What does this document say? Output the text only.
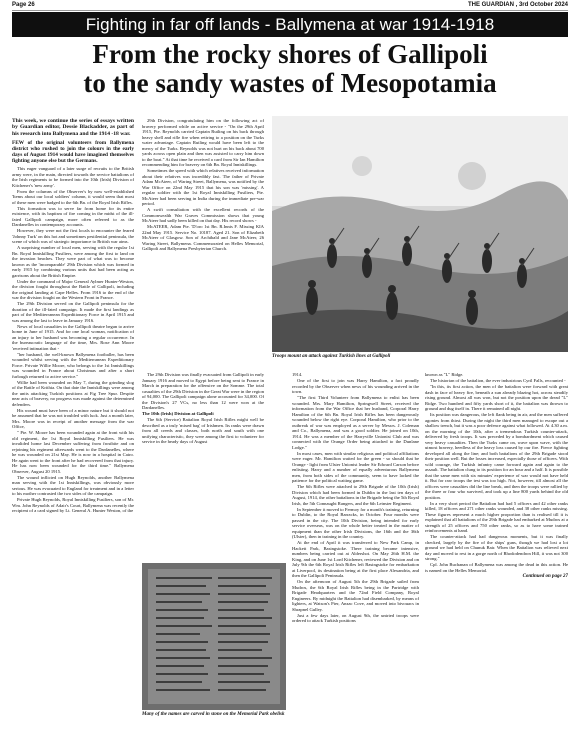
Page 26	THE GUARDIAN , 3rd October 2024
Fighting in far off lands - Ballymena at war 1914-1918
From the rocky shores of Gallipoli
to the sandy wastes of Mesopotamia

This week, we continue the series of essays written by Guardian editor, Dessie Blackadder, as part of his research into Ballymena and the 1914 -18 war.

FEW of the original volunteers from Ballymena district who rushed to join the colours in the early days of August 1914 would have imagined themselves fighting anyone else but the Germans.

This eager vanguard of a later surge of recruits to the British army were, in the main, directed towards the service battalions of the Irish regiments to be formed into the 10th (Irish) Division of Kitchener's 'new army'.

From the columns of the Observer's by now well-established 'Items about our local soldiers' column, it would seem that most of these men were badged to the 6th Bn. of the Royal Irish Rifles.

This formation was to serve far from home for its entire existence, with its baptism of fire coming in the midst of the ill-fated Gallipoli campaign, more often referred to as the Dardanelles in contemporary accounts.

However, they were not the first locals to encounter the feared 'Johnny Turk' on this hot and sometimes pestilential peninsula, the scene of which was of strategic importance to British war aims.

A surprising number of local men, serving with the regular 1st Bn. Royal Inniskilling Fusiliers, were among the first to land on the invasion beaches. They were part of what was to become known as the 'incomparable' 29th Division which was formed in early 1915 by combining various units that had been acting as garrisons about the British Empire.

Under the command of Major General Aylmer Hunter-Weston, the division fought throughout the Battle of Gallipoli, including the original landing at Cape Helles. From 1916 to the end of the war the division fought on the Western Front in France.

The 29th Division served on the Gallipoli peninsula for the duration of the ill-fated campaign. It made the first landings as part of the Mediterranean Expeditionary Force in April 1915 and was among the last to leave in January 1916.

News of local casualties in the Gallipoli theatre began to arrive home in June of 1915. And for one local woman, notification of an injury to her husband was becoming a regular occurrence. In the bureaucratic language of the time, Mrs. Rose Ann Moore 'received intimation that -

"her husband, the well-known Ballymena footballer, has been wounded whilst serving with the Mediterranean Expeditionary Force. Private Willie Moore, who belongs to the 1st Inniskillings was wounded in France about Christmas and after a short furlough returned to active service."

Willie had been wounded on May 7, during the grinding slog of the Battle of Krithia. On that date the Inniskillings were among the units attacking Turkish positions at Fig Tree Spur. Despite near acts of bravery, no progress was made against the determined defenders.

His wound must have been of a minor nature but it should not be assumed that he was not troubled with luck. Just a month later, Mrs. Moore was in receipt of another message from the war Office,

" Pte. W. Moore has been wounded again at the front with his old regiment, the 1st Royal Inniskilling Fusiliers. He was invalided home last December suffering from frostbite and on rejoining his regiment afterwards went to the Dardanelles, where he was wounded on 21st May. He is now in a hospital in Cairo. He again went to the front after he had recovered from that injury. He has now been wounded for the third time." Ballymena Observer, August 20 1915.

The wound inflicted on Hugh Reynolds, another Ballymena man serving with the 1st Inniskillings, was obviously more serious. He was evacuated to England for treatment and in a letter to his mother contrasted the two sides of the campaign.

Private Hugh Reynolds, Royal Inniskilling Fusiliers, son of Mr. Wm. John Reynolds of Adair's Court, Ballymena was recently the recipient of a card signed by Lt. General A. Hunter Weston, of the

29th Division, congratulating him on the following act of bravery performed while on active service - "On the 29th April 1915, Pte. Reynolds carried Captain Rutling on his back through heavy shell and rifle fire when retiring to a position on the Turks water advantage. Captain Rutling would have been left to the mercy of the Turks. Reynolds was not hurt on his back about 700 yards across open plain and then was assisted to carry him down to the boat." At that time he received a card from Sir Ian Hamilton recommending him for bravery on 6th Bn. Royal Inniskillings.

Sometimes the speed with which relatives received information about their relatives was incredibly fast. The father of Private Adam McAteer, of Waring Street, Ballymena, was notified by the War Office on 22nd May 1915 that his son was 'missing'. A regular soldier with the 1st Royal Inniskilling Fusiliers, Pte. McAteer had been serving in India during the immediate pre-war period.

A swift consultation with the excellent records of the Commonwealth War Graves Commission shows that young McAteer had sadly been killed on that day. His record shows -

McATEER, Adam Pte. 'D'oro 1st Bn. R.Innis F. Missing KIA 22nd May 1915. Service No. 10187. Aged 21. Son of Elizabeth McAteer of Glasgow. Son of Archibald and Jane McAteer, 26 Waring Street, Ballymena. Commemorated on Helles Memorial, Gallipoli and Ballymena Presbyterian Church.

Troops mount an attack against Turkish lines at Gallipoli

The 29th Division was finally evacuated from Gallipoli in early January 1916 and moved to Egypt before being sent to France in March in preparation for the offensive on the Somme. The total casualties of the 29th Division in the Great War were in the region of 94,000. The Gallipoli campaign alone accounted for 34,000. Of the Division's 27 VCs, no less than 12 were won at the Dardanelles.

The 10th (Irish) Division at Gallipoli

The 6th (Service) Battalion Royal Irish Rifles might well be described as a truly 'mixed bag' of Irishmen. Its ranks were drawn from all creeds and classes, both north and south with one unifying characteristic, they were among the first to volunteer for service in the heady days of August

Many of the names are carved in stone on the Memorial Park obelisk

1914.

One of the first to join was Harry Hamilton, a fact proudly recorded by the Observer when news of his wounding arrived in the town.

"The first Third Volunteer from Ballymena to enlist has been wounded. Mrs. Mary Hamilton, Springwell Street, received the information from the War Office that her husband, Corporal Harry Hamilton of the 6th Bn. Royal Irish Rifles has been dangerously wounded below the right eye. Corporal Hamilton, who prior to the outbreak of war was employed as a server by Messrs. J. Coleman and Co., Ballymena, and was a good soldier. He joined on 10th, 1914. He was a member of the Harryville Unionist Club and was connected with the Orange Order being attached to the Dunlane Lodge."

In most cases, men with similar religious and political affiliations were eager. Mr. Hamilton waited for the green - so should that be Orange - light from Ulster Unionist leader Sir Edward Carson before enlisting. Harry and a number of equally adventurous Ballymena men, from both sides of the community, seem to have lacked the patience for the political waiting game.

The 6th Rifles were attached to 29th Brigade of the 10th (Irish) Division which had been formed in Dublin in the last ten days of August, 1914, the other battalions in the Brigade being the 5th Royal Irish, the 5th Connaught Rangers, and the 6th Leinster Regiment.

In September it moved to Fermoy for a month's training, returning to Dublin, to the Royal Barracks, in October. Four months were passed in the city. The 10th Division, being intended for early service overseas, was on the whole better treated in the matter of equipment than the other Irish Divisions, the 16th and the 36th (Ulster), then in training in the country.

At the end of April it was transferred to New Park Camp, in Hackett Park, Basingstoke. There training became intensive, numbers being carried out at Aldershot. On May 26th H.M. the King, and on June 1st Lord Kitchener, reviewed the Division and on July 9th the 6th Royal Irish Rifles left Basingstoke for embarkation at Liverpool, its destination being at the first place Alexandria, and then the Gallipoli Peninsula.

On the afternoon of August 5th the 29th Brigade sailed from Mudros, the 6th Royal Irish Rifles being in the Partridge with Brigade Headquarters and the 72nd Field Company, Royal Engineers. By midnight the Battalion had disembarked, by means of lighters, at Watson's Pier, Anzac Cove, and moved into bivouacs in Shrapnel Gulley.

Just a few days later, on August 9th, the untried troops were ordered to attack Turkish positions

known as "L" Ridge.

The historian of the battalion, the ever industrious Cyril Falls, recounted -

"In this, its first action, the men of the battalion were forward with great dash in face of heavy fire, beneath a sun already blazing hot, across steadily rising ground. Almost all was won, but not the position upon the dread "L" Ridge. Two hundred and fifty yards short of it, the battalion was thrown to ground and dug itself in. There it remained all night.

Its position was dangerous, the left flank being in air, and the men suffered agonies from thirst. During the night the third men managed to escape out a shallow trench, but it was a poor defence against what followed. At 4.30 a.m. on the morning of the 10th, after a tremendous Turkish counter-attack, delivered by fresh troops. It was preceded by a bombardment which caused very heavy casualties. Then the Turks came on, wave upon wave, with the utmost bravery, heedless of the heavy loss caused by our fire. Fierce fighting developed all along the line; and both battalions of the 29th Brigade stood their position well. But the losses increased, especially those of officers. With wild courage, the Turkish infantry came forward again and again to the assault. The battalion clung to its position for an hour and a half. It is possible that the same men with six minutes' experience of war would not have held it. But for raw troops the test was too high. Not, however, till almost all the officers were casualties did the line break, and then the troops were rallied by the three or four who survived, and took up a line 800 yards behind the old position.

In a very short period the Battalion had had 5 officers and 42 other ranks killed, 18 officers and 271 other ranks wounded, and 38 other ranks missing. These figures represent a much higher proportion than is realised till it is explained that all battalions of the 29th Brigade had embarked at Mudros at a strength of 25 officers and 750 other ranks, so as to have some trained reinforcements at hand.

The counter-attack had had dangerous moments, but it was finally checked, largely by the fire of the ships' guns, though we had lost a lot ground we had held on Chunuk Bair. When the Battalion was relieved next day and moved to rest in a gorge north of Rhododendron Hill, it was not 300 strong."

Cpl. John Buchanan of Ballymena was among the dead in this action. He is named on the Helles Memorial.

Continued on page 27
